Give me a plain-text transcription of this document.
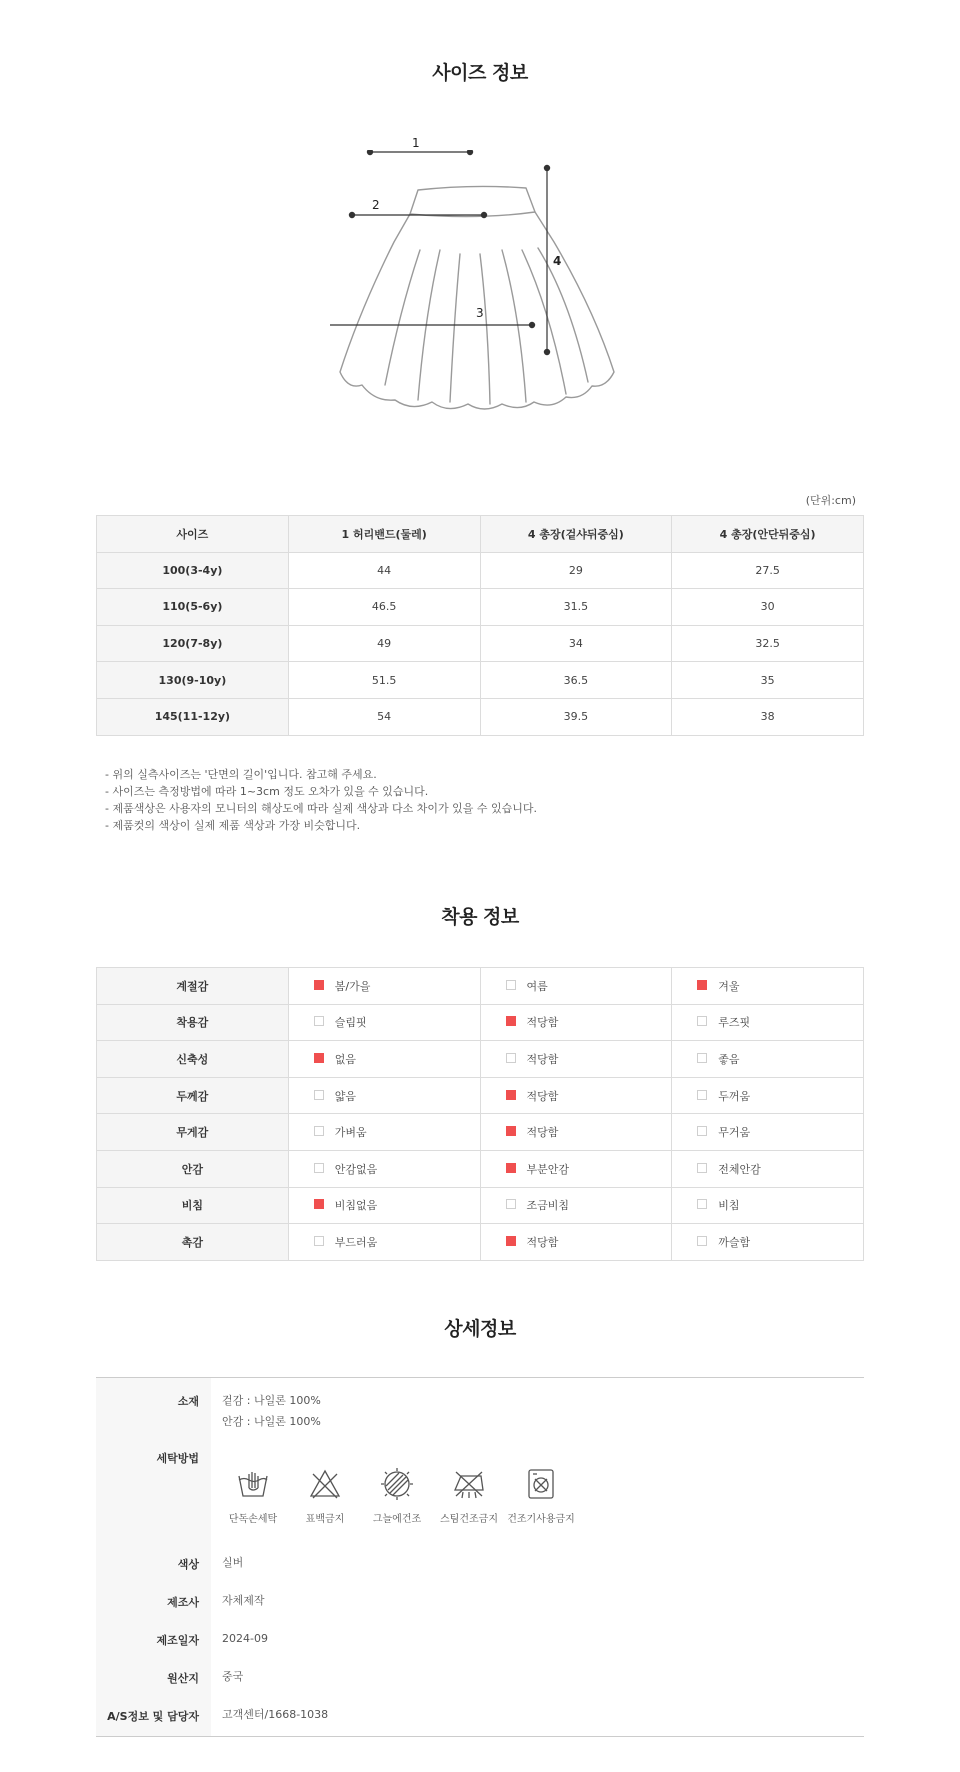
사이즈 정보
1
2
3
4
(단위:cm)
사이즈	1 허리밴드(둘레)	4 총장(겉샤뒤중심)	4 총장(안단뒤중심)
100(3-4y)	44	29	27.5
110(5-6y)	46.5	31.5	30
120(7-8y)	49	34	32.5
130(9-10y)	51.5	36.5	35
145(11-12y)	54	39.5	38
- 위의 실측사이즈는 '단면의 길이'입니다. 참고해 주세요.
- 사이즈는 측정방법에 따라 1~3cm 정도 오차가 있을 수 있습니다.
- 제품색상은 사용자의 모니터의 해상도에 따라 실제 색상과 다소 차이가 있을 수 있습니다.
- 제품컷의 색상이 실제 제품 색상과 가장 비슷합니다.
착용 정보
계절감	봄/가을	여름	겨울
착용감	슬림핏	적당함	루즈핏
신축성	없음	적당함	좋음
두께감	얇음	적당함	두꺼움
무게감	가벼움	적당함	무거움
안감	안감없음	부분안감	전체안감
비침	비침없음	조금비침	비침
촉감	부드러움	적당함	까슬함
상세정보
소재 겉감 : 나일론 100%
안감 : 나일론 100%
세탁방법
단독손세탁	표백금지	그늘에건조	스팀건조금지 건조기사용금지
색상 실버
제조사 자체제작
제조일자 2024-09
원산지 중국
A/S정보 및 담당자 고객센터/1668-1038
